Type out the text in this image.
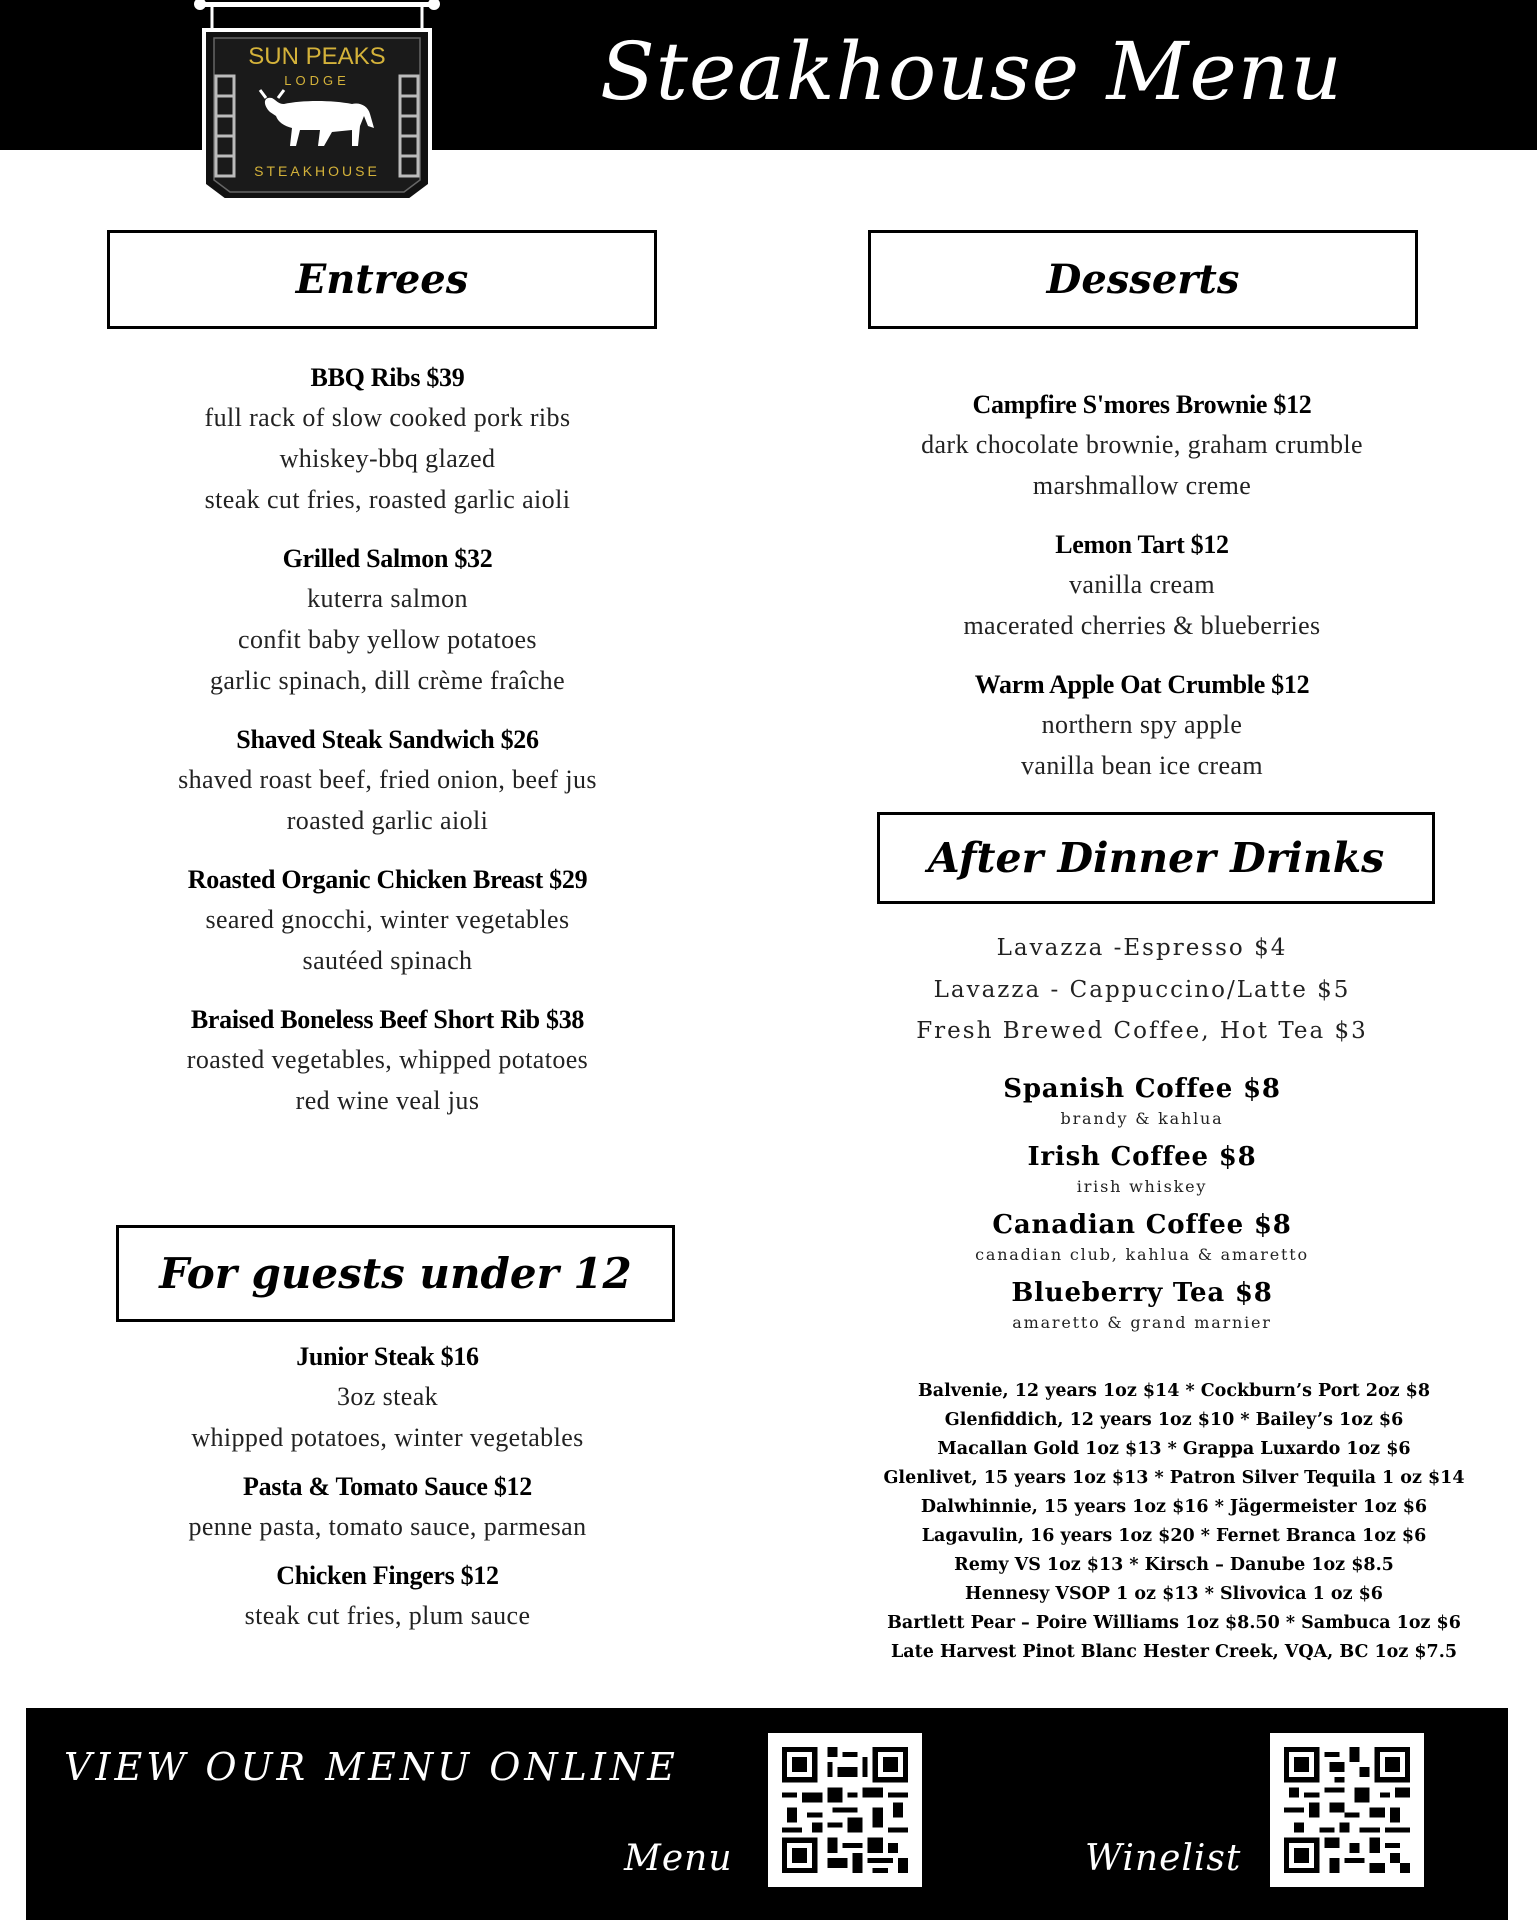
Steakhouse Menu
SUN PEAKS
LODGE
STEAKHOUSE
Entrees	Desserts
BBQ Ribs $39
full rack of slow cooked pork ribs
whiskey-bbq glazed
steak cut fries, roasted garlic aioli
Grilled Salmon $32
kuterra salmon
confit baby yellow potatoes
garlic spinach, dill crème fraîche
Shaved Steak Sandwich $26
shaved roast beef, fried onion, beef jus
roasted garlic aioli
Roasted Organic Chicken Breast $29
seared gnocchi, winter vegetables
sautéed spinach
Braised Boneless Beef Short Rib $38
roasted vegetables, whipped potatoes
red wine veal jus
For guests under 12
Junior Steak $16
3oz steak
whipped potatoes, winter vegetables
Pasta & Tomato Sauce $12
penne pasta, tomato sauce, parmesan
Chicken Fingers $12
steak cut fries, plum sauce
Campfire S'mores Brownie $12
dark chocolate brownie, graham crumble
marshmallow creme
Lemon Tart $12
vanilla cream
macerated cherries & blueberries
Warm Apple Oat Crumble $12
northern spy apple
vanilla bean ice cream
After Dinner Drinks
Lavazza -Espresso $4
Lavazza - Cappuccino/Latte $5
Fresh Brewed Coffee, Hot Tea $3
Spanish Coffee $8
brandy & kahlua
Irish Coffee $8
irish whiskey
Canadian Coffee $8
canadian club, kahlua & amaretto
Blueberry Tea $8
amaretto & grand marnier
Balvenie, 12 years 1oz $14 * Cockburn’s Port 2oz $8
Glenfiddich, 12 years 1oz $10 * Bailey’s 1oz $6
Macallan Gold 1oz $13 * Grappa Luxardo 1oz $6
Glenlivet, 15 years 1oz $13 * Patron Silver Tequila 1 oz $14
Dalwhinnie, 15 years 1oz $16 * Jägermeister 1oz $6
Lagavulin, 16 years 1oz $20 * Fernet Branca 1oz $6
Remy VS 1oz $13 * Kirsch – Danube 1oz $8.5
Hennesy VSOP 1 oz $13 * Slivovica 1 oz $6
Bartlett Pear – Poire Williams 1oz $8.50 * Sambuca 1oz $6
Late Harvest Pinot Blanc Hester Creek, VQA, BC 1oz $7.5
VIEW OUR MENU ONLINE
Menu	Winelist
